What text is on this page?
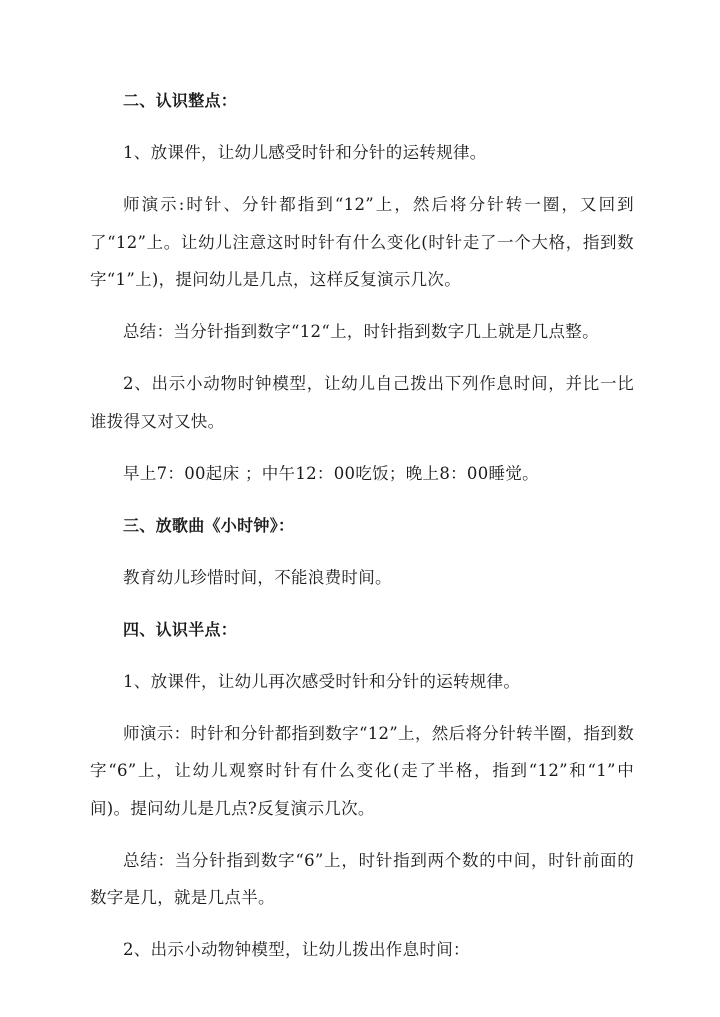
二、认识整点：

1、放课件，让幼儿感受时针和分针的运转规律。

师演示:时针、分针都指到“12”上，然后将分针转一圈，又回到了“12”上。让幼儿注意这时时针有什么变化(时针走了一个大格，指到数字“1”上)，提问幼儿是几点，这样反复演示几次。

总结：当分针指到数字“12“上，时针指到数字几上就是几点整。

2、出示小动物时钟模型，让幼儿自己拨出下列作息时间，并比一比谁拨得又对又快。

早上7：00起床 ；中午12：00吃饭；晚上8：00睡觉。

三、放歌曲《小时钟》：

教育幼儿珍惜时间，不能浪费时间。

四、认识半点：

1、放课件，让幼儿再次感受时针和分针的运转规律。

师演示：时针和分针都指到数字“12”上，然后将分针转半圈，指到数字“6”上，让幼儿观察时针有什么变化(走了半格，指到“12”和“1”中间)。提问幼儿是几点?反复演示几次。

总结：当分针指到数字“6”上，时针指到两个数的中间，时针前面的数字是几，就是几点半。

2、出示小动物钟模型，让幼儿拨出作息时间：
